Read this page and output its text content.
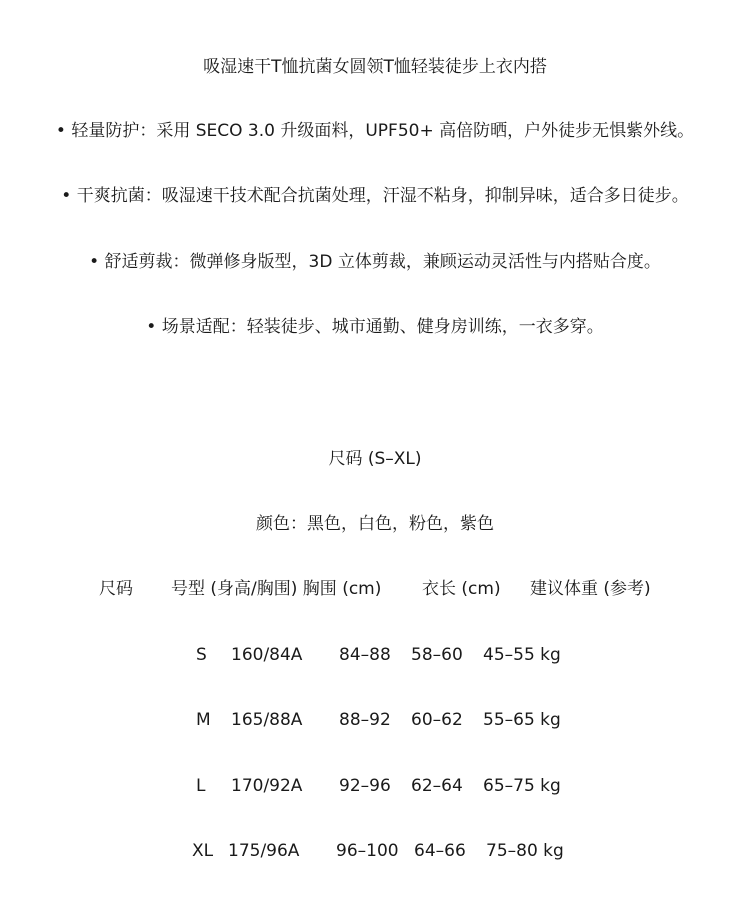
吸湿速干T恤抗菌女圆领T恤轻装徒步上衣内搭
• 轻量防护：采用 SECO 3.0 升级面料，UPF50+ 高倍防晒，户外徒步无惧紫外线。
• 干爽抗菌：吸湿速干技术配合抗菌处理，汗湿不粘身，抑制异味，适合多日徒步。
• 舒适剪裁：微弹修身版型，3D 立体剪裁，兼顾运动灵活性与内搭贴合度。
• 场景适配：轻装徒步、城市通勤、健身房训练，一衣多穿。
尺码 (S–XL)
颜色：黑色，白色，粉色，紫色
尺码 号型 (身高/胸围) 胸围 (cm) 衣长 (cm) 建议体重 (参考)
S 160/84A 84–88 58–60 45–55 kg
M 165/88A 88–92 60–62 55–65 kg
L 170/92A 92–96 62–64 65–75 kg
XL 175/96A 96–100 64–66 75–80 kg
